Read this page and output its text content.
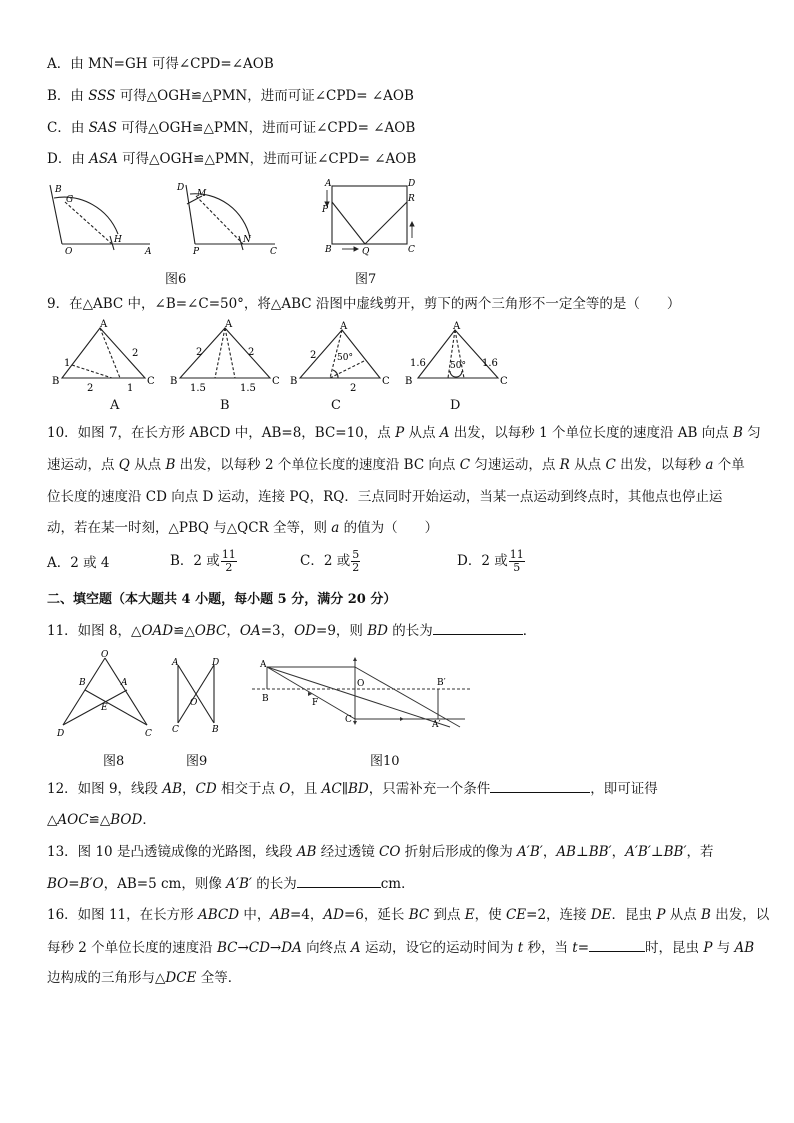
A．由 MN=GH 可得∠CPD=∠AOB
B．由 SSS 可得△OGH≌△PMN，进而可证∠CPD= ∠AOB
C．由 SAS 可得△OGH≌△PMN，进而可证∠CPD= ∠AOB
D．由 ASA 可得△OGH≌△PMN，进而可证∠CPD= ∠AOB
B
G
O
H
A
D
M
P
N
C
图6
A	D
P
R
B	Q	C
图7
9．在△ABC 中，∠B=∠C=50°，将△ABC 沿图中虚线剪开，剪下的两个三角形不一定全等的是（　　）
A
B	C
1
2
2	1
A
B	C
2	2
1.5	1.5
A
B	C
2 50°
2
A
B	C
1.6	50° 1.6
A	B	C	D
10．如图 7，在长方形 ABCD 中，AB=8，BC=10，点 P 从点 A 出发，以每秒 1 个单位长度的速度沿 AB 向点 B 匀
速运动，点 Q 从点 B 出发，以每秒 2 个单位长度的速度沿 BC 向点 C 匀速运动，点 R 从点 C 出发，以每秒 a 个单
位长度的速度沿 CD 向点 D 运动，连接 PQ，RQ．三点同时开始运动，当某一点运动到终点时，其他点也停止运
动，若在某一时刻，△PBQ 与△QCR 全等，则 a 的值为（　　）
A．2 或 4	B．2 或 $\frac{11}{2}$	C．2 或 $\frac{5}{2}$	D．2 或 $\frac{11}{5}$
二、填空题（本大题共 4 小题，每小题 5 分，满分 20 分）
11．如图 8，△OAD≌△OBC，OA=3，OD=9，则 BD 的长为	．
O
B	A
E
D	C
图8
A	D
O
C	B
图9
A
B
O
F
C
B′
A′
图10
12．如图 9，线段 AB，CD 相交于点 O，且 AC∥BD，只需补充一个条件	，即可证得
△AOC≌△BOD．
13．图 10 是凸透镜成像的光路图，线段 AB 经过透镜 CO 折射后形成的像为 A′B′，AB⊥BB′，A′B′⊥BB′，若
BO=B′O，AB=5 cm，则像 A′B′ 的长为	cm．
16．如图 11，在长方形 ABCD 中，AB=4，AD=6，延长 BC 到点 E，使 CE=2，连接 DE．昆虫 P 从点 B 出发，以
每秒 2 个单位长度的速度沿 BC→CD→DA 向终点 A 运动，设它的运动时间为 t 秒，当 t=	时，昆虫 P 与 AB
边构成的三角形与△DCE 全等．
